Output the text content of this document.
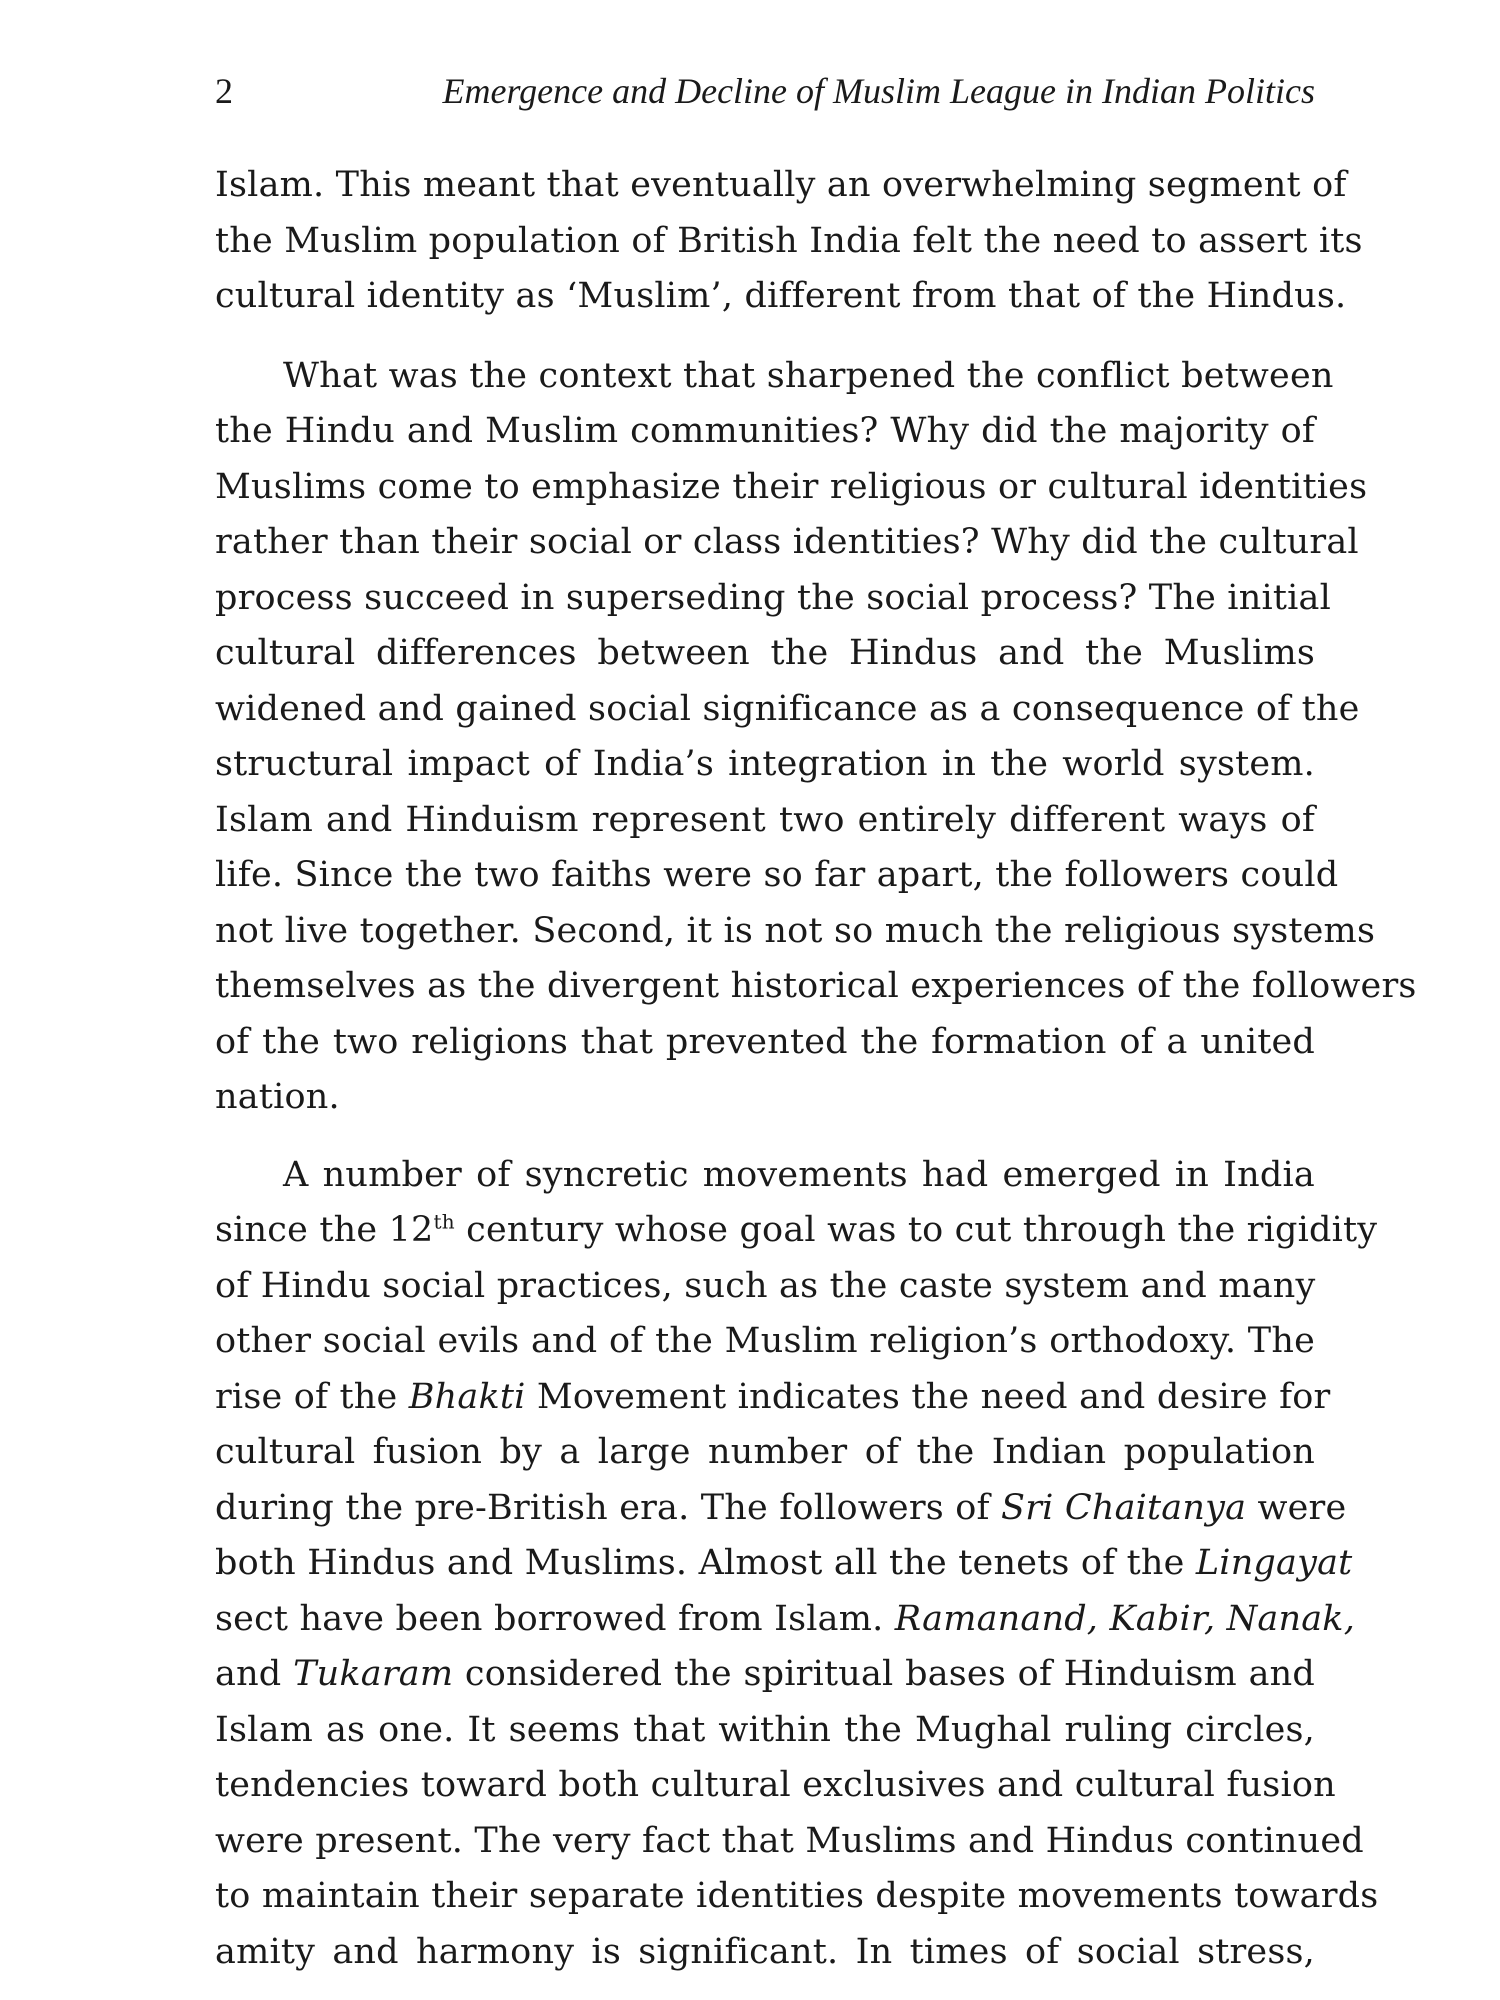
2	Emergence and Decline of Muslim League in Indian Politics

Islam. This meant that eventually an overwhelming segment of
the Muslim population of British India felt the need to assert its
cultural identity as ‘Muslim’, different from that of the Hindus.

What was the context that sharpened the conflict between
the Hindu and Muslim communities? Why did the majority of
Muslims come to emphasize their religious or cultural identities
rather than their social or class identities? Why did the cultural
process succeed in superseding the social process? The initial
cultural differences between the Hindus and the Muslims
widened and gained social significance as a consequence of the
structural impact of India’s integration in the world system.
Islam and Hinduism represent two entirely different ways of
life. Since the two faiths were so far apart, the followers could
not live together. Second, it is not so much the religious systems
themselves as the divergent historical experiences of the followers
of the two religions that prevented the formation of a united
nation.

A number of syncretic movements had emerged in India
since the 12th century whose goal was to cut through the rigidity
of Hindu social practices, such as the caste system and many
other social evils and of the Muslim religion’s orthodoxy. The
rise of the Bhakti Movement indicates the need and desire for
cultural fusion by a large number of the Indian population
during the pre-British era. The followers of Sri Chaitanya were
both Hindus and Muslims. Almost all the tenets of the Lingayat
sect have been borrowed from Islam. Ramanand, Kabir, Nanak,
and Tukaram considered the spiritual bases of Hinduism and
Islam as one. It seems that within the Mughal ruling circles,
tendencies toward both cultural exclusives and cultural fusion
were present. The very fact that Muslims and Hindus continued
to maintain their separate identities despite movements towards
amity and harmony is significant. In times of social stress,
